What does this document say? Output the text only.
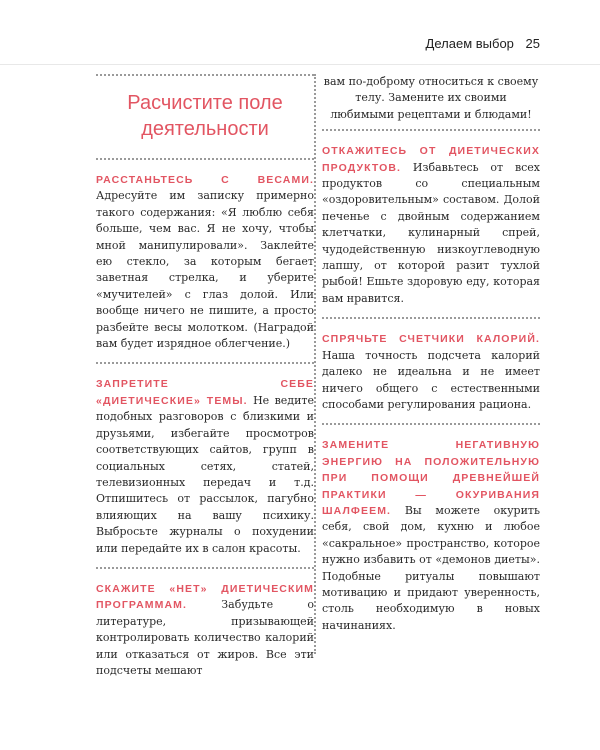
Делаем выбор 25
Расчистите поле
деятельности

РАССТАНЬТЕСЬ С ВЕСАМИ. Адресуйте им записку примерно такого содержания: «Я люблю себя больше, чем вас. Я не хочу, чтобы мной манипулировали». Заклейте ею стекло, за которым бегает заветная стрелка, и уберите «мучителей» с глаз долой. Или вообще ничего не пишите, а просто разбейте весы молотком. (Наградой вам будет изрядное облегчение.)

ЗАПРЕТИТЕ СЕБЕ «ДИЕТИЧЕСКИЕ» ТЕМЫ. Не ведите подобных разговоров с близкими и друзьями, избегайте просмотров соответствующих сайтов, групп в социальных сетях, статей, телевизионных передач и т.д. Отпишитесь от рассылок, пагубно влияющих на вашу психику. Выбросьте журналы о похудении или передайте их в салон красоты.

СКАЖИТЕ «НЕТ» ДИЕТИЧЕСКИМ ПРОГРАММАМ.	Забудьте о литературе, призывающей контролировать количество калорий или отказаться от жиров. Все эти подсчеты мешают

вам по-доброму относиться к своему телу. Замените их своими любимыми рецептами и блюдами!

ОТКАЖИТЕСЬ ОТ ДИЕТИЧЕСКИХ ПРОДУКТОВ. Избавьтесь от всех продуктов со специальным «оздоровительным» составом. Долой печенье с двойным содержанием клетчатки, кулинарный спрей, чудодейственную низкоуглеводную лапшу, от которой разит тухлой рыбой! Ешьте здоровую еду, которая вам нравится.

СПРЯЧЬТЕ СЧЕТЧИКИ КАЛОРИЙ. Наша точность подсчета калорий далеко не идеальна и не имеет ничего общего с естественными способами регулирования рациона.

ЗАМЕНИТЕ НЕГАТИВНУЮ ЭНЕРГИЮ НА ПОЛОЖИТЕЛЬНУЮ ПРИ ПОМОЩИ ДРЕВНЕЙШЕЙ ПРАКТИКИ — ОКУРИВАНИЯ ШАЛФЕЕМ. Вы можете окурить себя, свой дом, кухню и любое «сакральное» пространство, которое нужно избавить от «демонов диеты». Подобные ритуалы повышают мотивацию и придают уверенность, столь необходимую в новых начинаниях.
